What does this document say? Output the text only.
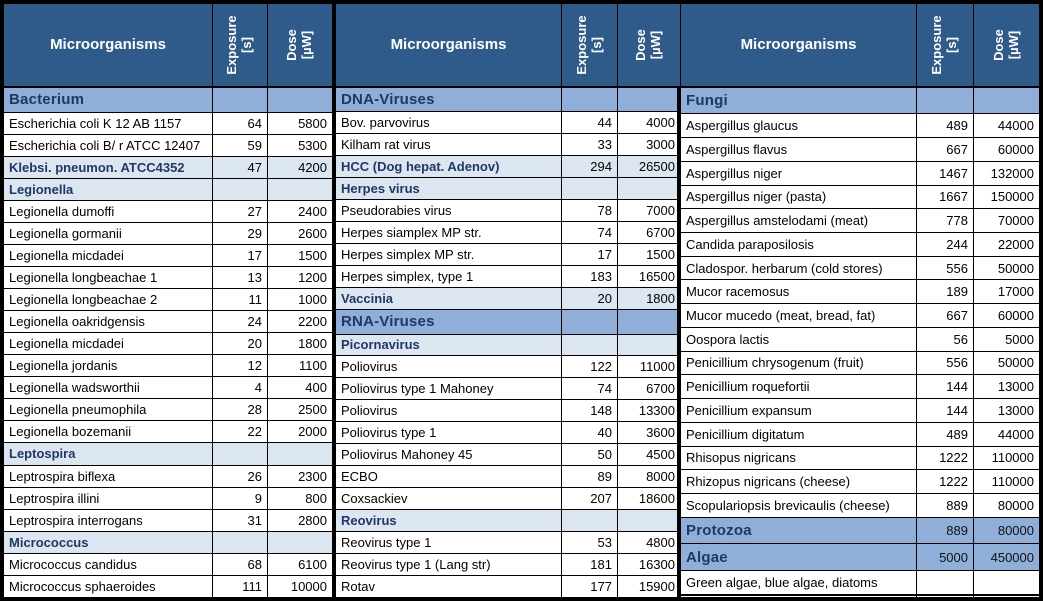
Microorganisms	Exposure [s]	Dose [µW]

Bacterium		
Escherichia coli K 12 AB 1157	64	5800
Escherichia coli B/ r ATCC 12407	59	5300
Klebsi. pneumon. ATCC4352	47	4200
Legionella		
Legionella dumoffi	27	2400
Legionella gormanii	29	2600
Legionella micdadei	17	1500
Legionella longbeachae 1	13	1200
Legionella longbeachae 2	11	1000
Legionella oakridgensis	24	2200
Legionella micdadei	20	1800
Legionella jordanis	12	1100
Legionella wadsworthii	4	400
Legionella pneumophila	28	2500
Legionella bozemanii	22	2000
Leptospira		
Leptrospira biflexa	26	2300
Leptrospira illini	9	800
Leptrospira interrogans	31	2800
Micrococcus		
Micrococcus candidus	68	6100
Micrococcus sphaeroides	111	10000
Microorganisms	Exposure [s]	Dose [µW]

DNA-Viruses		
Bov. parvovirus	44	4000
Kilham rat virus	33	3000
HCC (Dog hepat. Adenov)	294	26500
Herpes virus		
Pseudorabies virus	78	7000
Herpes siamplex MP str.	74	6700
Herpes simplex MP str.	17	1500
Herpes simplex, type 1	183	16500
Vaccinia	20	1800
RNA-Viruses		
Picornavirus		
Poliovirus	122	11000
Poliovirus type 1 Mahoney	74	6700
Poliovirus	148	13300
Poliovirus type 1	40	3600
Poliovirus Mahoney 45	50	4500
ECBO	89	8000
Coxsackiev	207	18600
Reovirus		
Reovirus type 1	53	4800
Reovirus type 1 (Lang str)	181	16300
Rotav	177	15900
Microorganisms	Exposure [s]	Dose [µW]

Fungi		
Aspergillus glaucus	489	44000
Aspergillus flavus	667	60000
Aspergillus niger	1467	132000
Aspergillus niger (pasta)	1667	150000
Aspergillus amstelodami (meat)	778	70000
Candida paraposilosis	244	22000
Cladospor. herbarum (cold stores)	556	50000
Mucor racemosus	189	17000
Mucor mucedo (meat, bread, fat)	667	60000
Oospora lactis	56	5000
Penicillium chrysogenum (fruit)	556	50000
Penicillium roquefortii	144	13000
Penicillium expansum	144	13000
Penicillium digitatum	489	44000
Rhisopus nigricans	1222	110000
Rhizopus nigricans (cheese)	1222	110000
Scopulariopsis brevicaulis (cheese)	889	80000
Protozoa	889	80000
Algae	5000	450000
Green algae, blue algae, diatoms		
